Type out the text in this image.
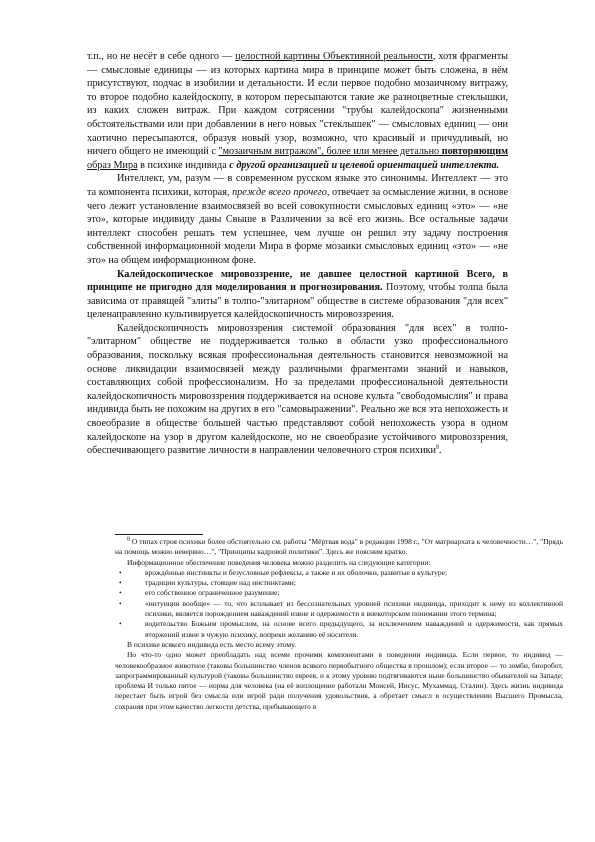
т.п., но не несёт в себе одного — целостной картины Объективной реальности, хотя фрагменты — смысловые единицы — из которых картина мира в принципе может быть сложена, в нём присутствуют, подчас в изобилии и детальности. И если первое подобно мозаичному витражу, то второе подобно калейдоскопу, в котором пересыпаются такие же разноцветные стеклышки, из каких сложен витраж. При каждом сотрясении "трубы калейдоскопа" жизненными обстоятельствами или при добавлении в него новых "стеклышек" — смысловых единиц — они хаотично пересыпаются, образуя новый узор, возможно, что красивый и причудливый, но ничего общего не имеющий с "мозаичным витражом", более или менее детально повторяющим образ Мира в психике индивида с другой организацией и целевой ориентацией интеллекта.

Интеллект, ум, разум — в современном русском языке это синонимы. Интеллект — это та компонента психики, которая, прежде всего прочего, отвечает за осмысление жизни, в основе чего лежит установление взаимосвязей во всей совокупности смысловых единиц «это» — «не это», которые индивиду даны Свыше в Различении за всё его жизнь. Все остальные задачи интеллект способен решать тем успешнее, чем лучше он решил эту задачу построения собственной информационной модели Мира в форме мозаики смысловых единиц «это» — «не это» на общем информационном фоне.

Калейдоскопическое мировоззрение, не давшее целостной картиной Всего, в принципе не пригодно для моделирования и прогнозирования. Поэтому, чтобы толпа была зависима от правящей "элиты" в толпо-"элитарном" обществе в системе образования "для всех" целенаправленно культивируется калейдоскопичность мировоззрения.

Калейдоскопичность мировоззрения системой образования "для всех" в толпо-"элитарном" обществе не поддерживается только в области узко профессионального образования, поскольку всякая профессиональная деятельность становится невозможной на основе ликвидации взаимосвязей между различными фрагментами знаний и навыков, составляющих собой профессионализм. Но за пределами профессиональной деятельности калейдоскопичность мировоззрения поддерживается на основе культа "свободомыслия" и права индивида быть не похожим на других в его "самовыражении". Реально же вся эта непохожесть и своеобразие в обществе большей частью представляют собой непохожесть узора в одном калейдоскопе на узор в другом калейдоскопе, но не своеобразие устойчивого мировоззрения, обеспечивающего развитие личности в направлении человечного строя психики$^8$.

$^8$ О типах строя психики более обстоятельно см. работы "Мёртвая вода" в редакции 1998 г., "От матриархата к человечности…", "Прядь на помощь можно невервно…", "Принципы кадровой политики". Здесь же поясним кратко.

Информационное обеспечение поведения человека можно разделить на следующие категории:

•	врождённые инстинкты и безусловные рефлексы, а также и их оболочки, развитые в культуре;
•	традиции культуры, стоящие над инстинктами;
•	его собственное ограниченное разумение;
•	«интуиция вообще» — то, что всплывает из бессознательных уровней психики индивида, приходит к нему из коллективной психики, является порождением наваждений извне и одержимости в внекоторском понимании этого термина;
•	водительство Божьим промыслом, на основе всего предыдущего, за исключением наваждений и одержимости, как прямых вторжений извне в чужую психику, вопреки желанию её носителя.

В психике всякого индивида есть место всему этому.

Но что-то одно может преобладать над всеми прочими компонентами в поведении индивида. Если первое, то индивид — человекообразное животное (таковы большинство членов всякого первобытного общества в прошлом); если второе — то зомби, биоробот, запрограммированный культурой (таковы большинство евреев, и к этому уровню подтягиваются ныне большинство обывателей на Западе; проблема И только пятое — норма для человека (на её воплощение работали Моисей, Иисус, Мухаммад, Сталин). Здесь жизнь индивида перестает быть игрой без смысла или игрой ради получения удовольствия, а обретает смысл в осуществлении Высшего Промысла, сохраняя при этом качество легкости детства, пребывающего в
